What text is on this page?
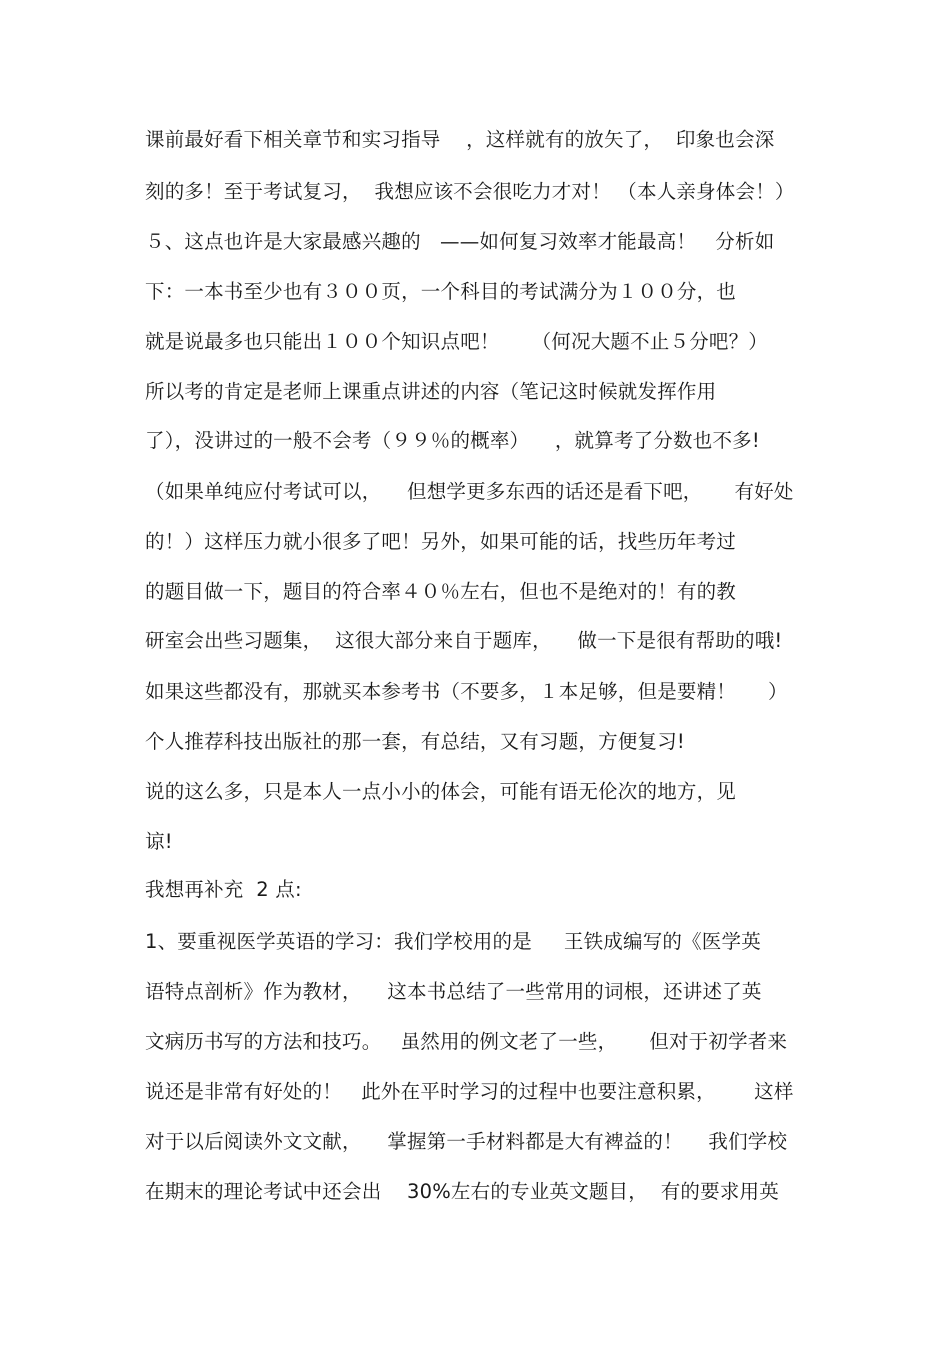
课前最好看下相关章节和实习指导    ，这样就有的放矢了，  印象也会深
刻的多！至于考试复习，  我想应该不会很吃力才对！ （本人亲身体会！）
５、这点也许是大家最感兴趣的   ——如何复习效率才能最高！   分析如
下：一本书至少也有３００页，一个科目的考试满分为１００分，也
就是说最多也只能出１００个知识点吧！     （何况大题不止５分吧？）
所以考的肯定是老师上课重点讲述的内容（笔记这时候就发挥作用
了），没讲过的一般不会考（９９％的概率）    ，就算考了分数也不多!
（如果单纯应付考试可以，    但想学更多东西的话还是看下吧，     有好处
的！）这样压力就小很多了吧！另外，如果可能的话，找些历年考过
的题目做一下，题目的符合率４０％左右，但也不是绝对的！有的教
研室会出些习题集，  这很大部分来自于题库，    做一下是很有帮助的哦!
如果这些都没有，那就买本参考书（不要多，１本足够，但是要精！     ）
个人推荐科技出版社的那一套，有总结，又有习题，方便复习!
说的这么多，只是本人一点小小的体会，可能有语无伦次的地方，见
谅!
我想再补充  2 点:
1、要重视医学英语的学习：我们学校用的是     王铁成编写的《医学英
语特点剖析》作为教材，    这本书总结了一些常用的词根，还讲述了英
文病历书写的方法和技巧。   虽然用的例文老了一些，     但对于初学者来
说还是非常有好处的！   此外在平时学习的过程中也要注意积累，      这样
对于以后阅读外文文献，    掌握第一手材料都是大有裨益的！    我们学校
在期末的理论考试中还会出    30%左右的专业英文题目，  有的要求用英
